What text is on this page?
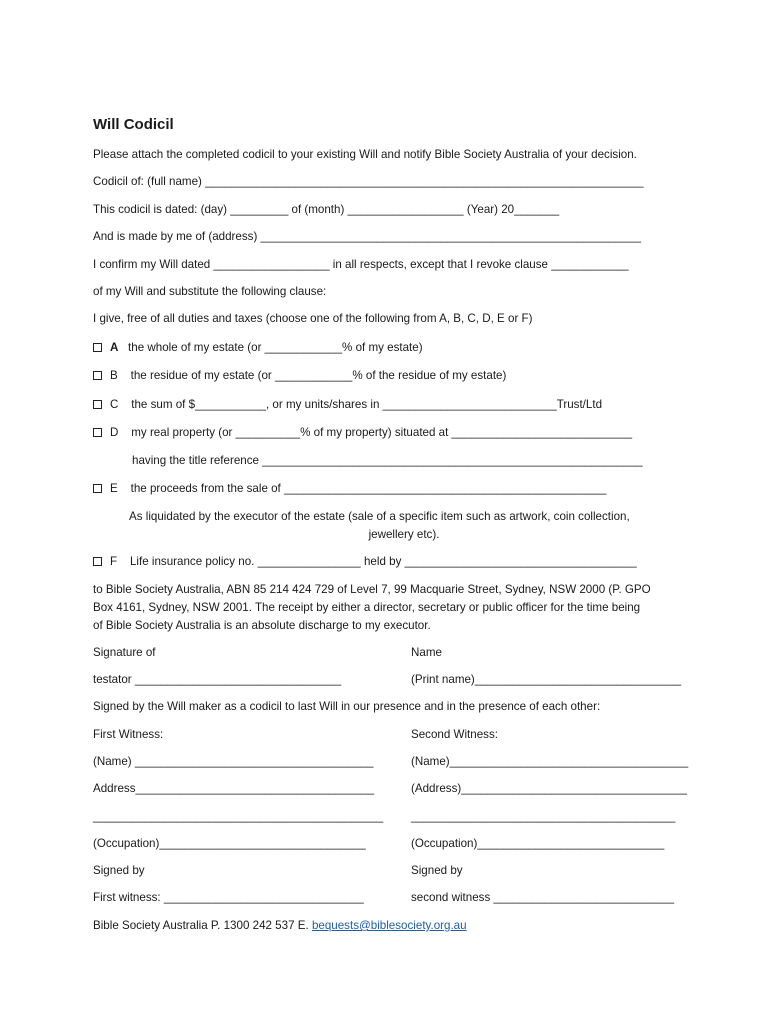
Will Codicil
Please attach the completed codicil to your existing Will and notify Bible Society Australia of your decision.
Codicil of: (full name) ____________________________________________________________________
This codicil is dated: (day) _________ of (month) __________________ (Year) 20_______
And is made by me of (address) ___________________________________________________________
I confirm my Will dated __________________ in all respects, except that I revoke clause ____________
of my Will and substitute the following clause:
I give, free of all duties and taxes (choose one of the following from A, B, C, D, E or F)
A the whole of my estate (or ____________% of my estate)
B the residue of my estate (or ____________% of the residue of my estate)
C the sum of $___________, or my units/shares in ___________________________Trust/Ltd
D my real property (or __________% of my property) situated at ____________________________
having the title reference ___________________________________________________________
E the proceeds from the sale of __________________________________________________
As liquidated by the executor of the estate (sale of a specific item such as artwork, coin collection,
jewellery etc).
F Life insurance policy no. ________________ held by ____________________________________
to Bible Society Australia, ABN 85 214 424 729 of Level 7, 99 Macquarie Street, Sydney, NSW 2000 (P. GPO
Box 4161, Sydney, NSW 2001. The receipt by either a director, secretary or public officer for the time being
of Bible Society Australia is an absolute discharge to my executor.
Signature of	Name
testator ________________________________	(Print name)________________________________
Signed by the Will maker as a codicil to last Will in our presence and in the presence of each other:
First Witness:	Second Witness:
(Name) _____________________________________	(Name)_____________________________________
Address_____________________________________	(Address)___________________________________
_____________________________________________ _________________________________________
(Occupation)________________________________	(Occupation)_____________________________
Signed by	Signed by
First witness: _______________________________	second witness ____________________________
Bible Society Australia P. 1300 242 537 E. bequests@biblesociety.org.au
